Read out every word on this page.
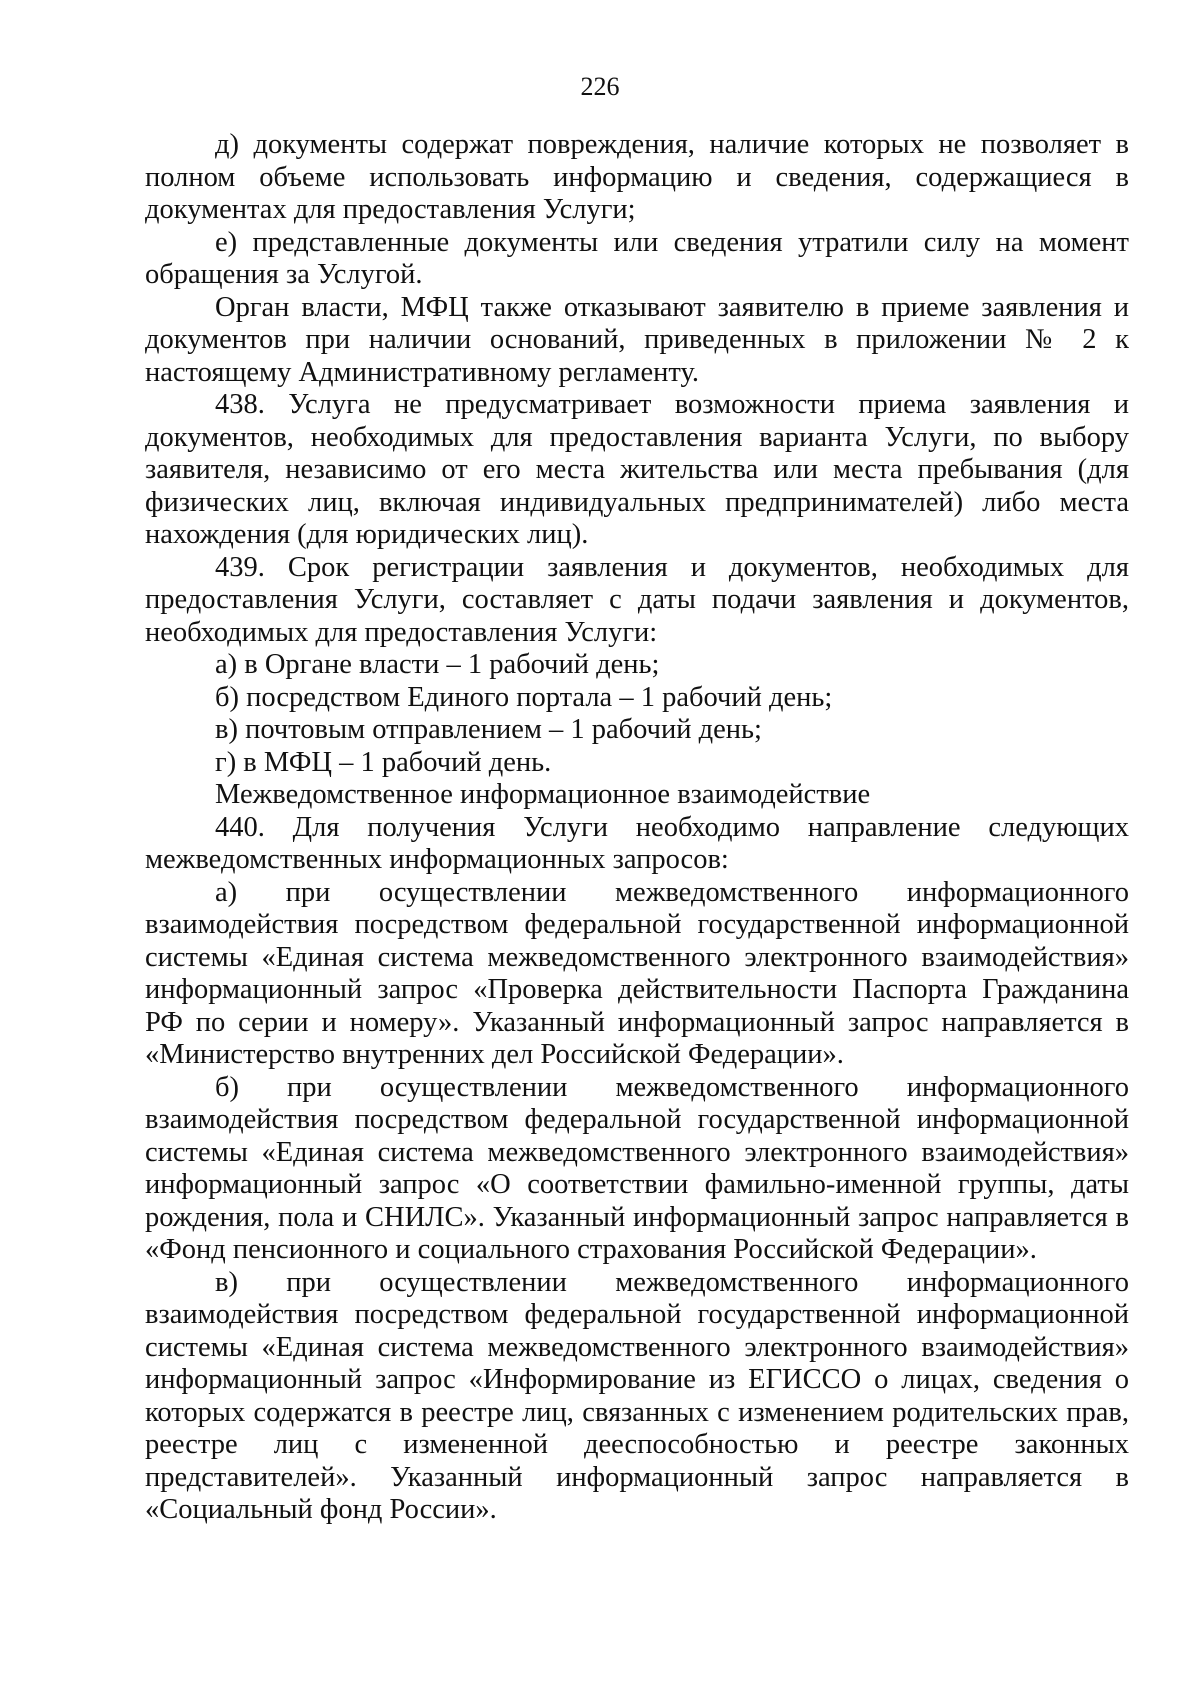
226

д) документы содержат повреждения, наличие которых не позволяет в полном объеме использовать информацию и сведения, содержащиеся в документах для предоставления Услуги;

е) представленные документы или сведения утратили силу на момент обращения за Услугой.

Орган власти, МФЦ также отказывают заявителю в приеме заявления и документов при наличии оснований, приведенных в приложении № 2 к настоящему Административному регламенту.

438. Услуга не предусматривает возможности приема заявления и документов, необходимых для предоставления варианта Услуги, по выбору заявителя, независимо от его места жительства или места пребывания (для физических лиц, включая индивидуальных предпринимателей) либо места нахождения (для юридических лиц).

439. Срок регистрации заявления и документов, необходимых для предоставления Услуги, составляет с даты подачи заявления и документов, необходимых для предоставления Услуги:

а) в Органе власти – 1 рабочий день;

б) посредством Единого портала – 1 рабочий день;

в) почтовым отправлением – 1 рабочий день;

г) в МФЦ – 1 рабочий день.

Межведомственное информационное взаимодействие

440. Для получения Услуги необходимо направление следующих межведомственных информационных запросов:

а) при осуществлении межведомственного информационного взаимодействия посредством федеральной государственной информационной системы «Единая система межведомственного электронного взаимодействия» информационный запрос «Проверка действительности Паспорта Гражданина РФ по серии и номеру». Указанный информационный запрос направляется в «Министерство внутренних дел Российской Федерации».

б) при осуществлении межведомственного информационного взаимодействия посредством федеральной государственной информационной системы «Единая система межведомственного электронного взаимодействия» информационный запрос «О соответствии фамильно-именной группы, даты рождения, пола и СНИЛС». Указанный информационный запрос направляется в «Фонд пенсионного и социального страхования Российской Федерации».

в) при осуществлении межведомственного информационного взаимодействия посредством федеральной государственной информационной системы «Единая система межведомственного электронного взаимодействия» информационный запрос «Информирование из ЕГИССО о лицах, сведения о которых содержатся в реестре лиц, связанных с изменением родительских прав, реестре лиц с измененной дееспособностью и реестре законных представителей». Указанный информационный запрос направляется в «Социальный фонд России».
